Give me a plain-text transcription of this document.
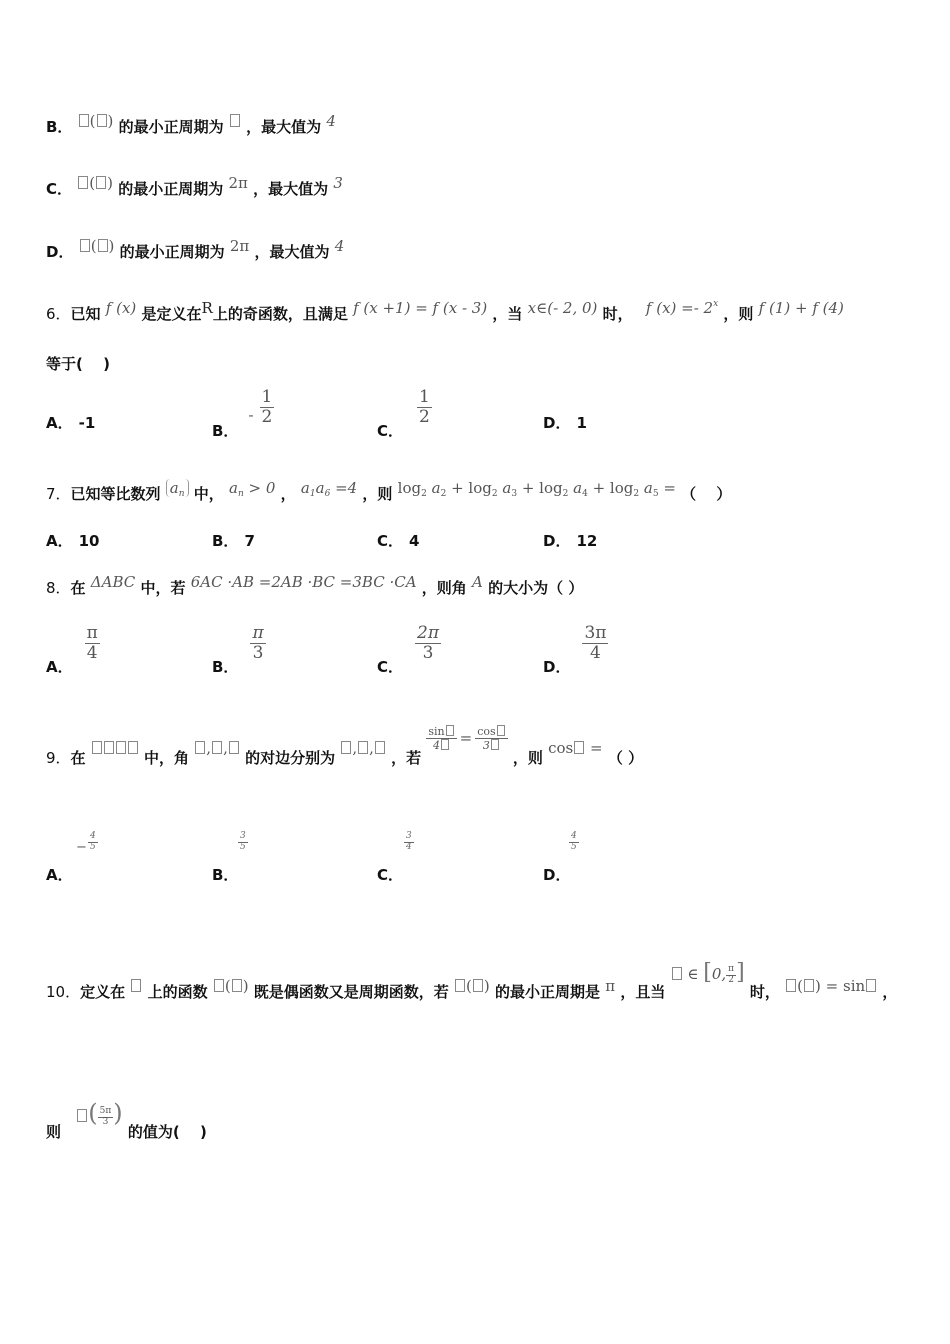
B． ( ) 的最小正周期为 ，最大值为 4
C． ( ) 的最小正周期为 2π ，最大值为 3
D． ( ) 的最小正周期为 2π ，最大值为 4
6．已知 f (x) 是定义在R上的奇函数，且满足 f (x +1) = f (x - 3) ，当 x∈(- 2, 0) 时， f (x) =- 2$^x$ ，则 f (1) + f (4)
等于(　 )
A． -1	B．- $\frac{1}{2}$
C．
$\frac{1}{2}$	D． 1
7．已知等比数列 $a_n$ 中， $a_n > 0$ ， $a_1a_6 =4$ ，则 $\log_2 a_2 + \log_2 a_3 + \log_2 a_4 + \log_2 a_5$ = （　 ）
A． 10	B． 7	C． 4	D． 12
8．在 ΔABC 中，若 6AC ·AB =2AB ·BC =3BC ·CA ，则角 A 的大小为（ ）
A．
$\frac{\pi}{4}$
B．
$\frac{\pi}{3}$
C．
$\frac{2\pi}{3}$
D．
$\frac{3\pi}{4}$
9．在	中，角 , , 的对边分别为 , , ，若
$\frac{\sin}{4} = \frac{\cos}{3}$
，则 cos = （ ）
−
4
5
A．
3
5
B．
3
4
C．
4
5
D．
10．定义在 上的函数 ( ) 既是偶函数又是周期函数，若 ( ) 的最小正周期是 π ，且当  ∈ [0, $\frac{\pi}{2}$ ] 时， ( ) = sin ，
则 ( $\frac{5\pi}{3}$ ) 的值为(　 )
